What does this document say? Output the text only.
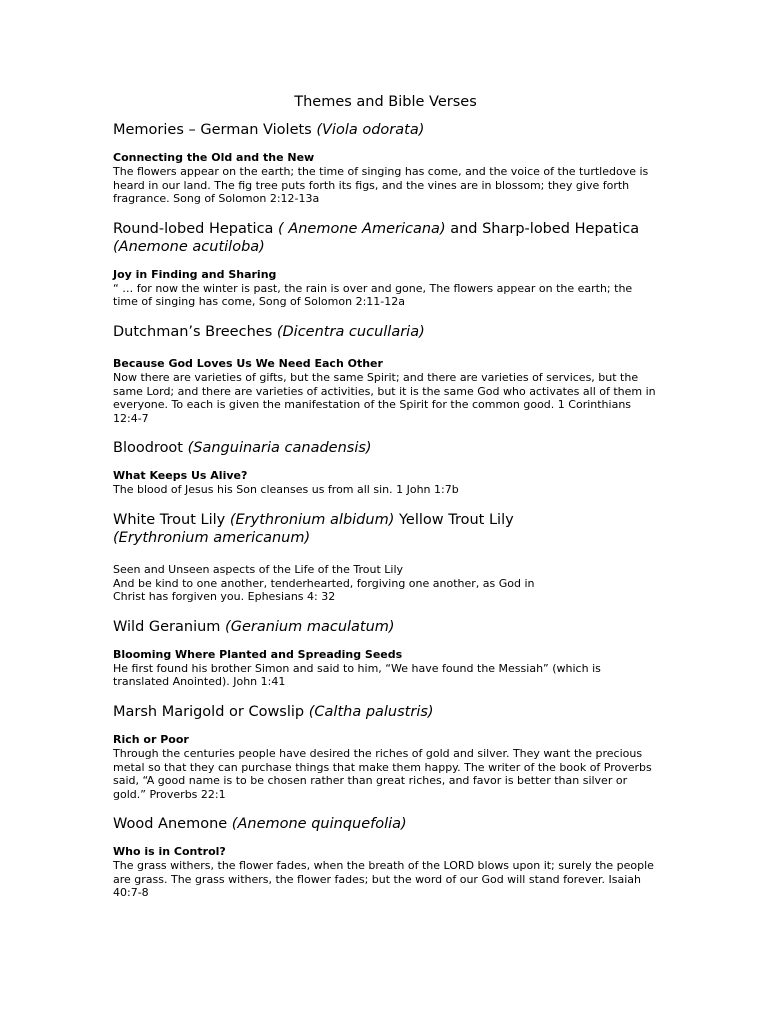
Themes and Bible Verses
Memories – German Violets (Viola odorata)
Connecting the Old and the New
The flowers appear on the earth; the time of singing has come, and the voice of the turtledove is heard in our land. The fig tree puts forth its figs, and the vines are in blossom; they give forth fragrance. Song of Solomon 2:12-13a
Round-lobed Hepatica ( Anemone Americana) and Sharp-lobed Hepatica (Anemone acutiloba)
Joy in Finding and Sharing
“ … for now the winter is past, the rain is over and gone, The flowers appear on the earth; the time of singing has come, Song of Solomon 2:11-12a
Dutchman’s Breeches (Dicentra cucullaria)
Because God Loves Us We Need Each Other
Now there are varieties of gifts, but the same Spirit; and there are varieties of services, but the same Lord; and there are varieties of activities, but it is the same God who activates all of them in everyone. To each is given the manifestation of the Spirit for the common good. 1 Corinthians 12:4-7
Bloodroot (Sanguinaria canadensis)
What Keeps Us Alive?
The blood of Jesus his Son cleanses us from all sin. 1 John 1:7b
White Trout Lily (Erythronium albidum) Yellow Trout Lily
(Erythronium americanum)
Seen and Unseen aspects of the Life of the Trout Lily
And be kind to one another, tenderhearted, forgiving one another, as God in
Christ has forgiven you. Ephesians 4: 32
Wild Geranium (Geranium maculatum)
Blooming Where Planted and Spreading Seeds
He first found his brother Simon and said to him, “We have found the Messiah” (which is translated Anointed). John 1:41
Marsh Marigold or Cowslip (Caltha palustris)
Rich or Poor
Through the centuries people have desired the riches of gold and silver. They want the precious metal so that they can purchase things that make them happy. The writer of the book of Proverbs said, “A good name is to be chosen rather than great riches, and favor is better than silver or gold.” Proverbs 22:1
Wood Anemone (Anemone quinquefolia)
Who is in Control?
The grass withers, the flower fades, when the breath of the LORD blows upon it; surely the people are grass. The grass withers, the flower fades; but the word of our God will stand forever. Isaiah 40:7-8
